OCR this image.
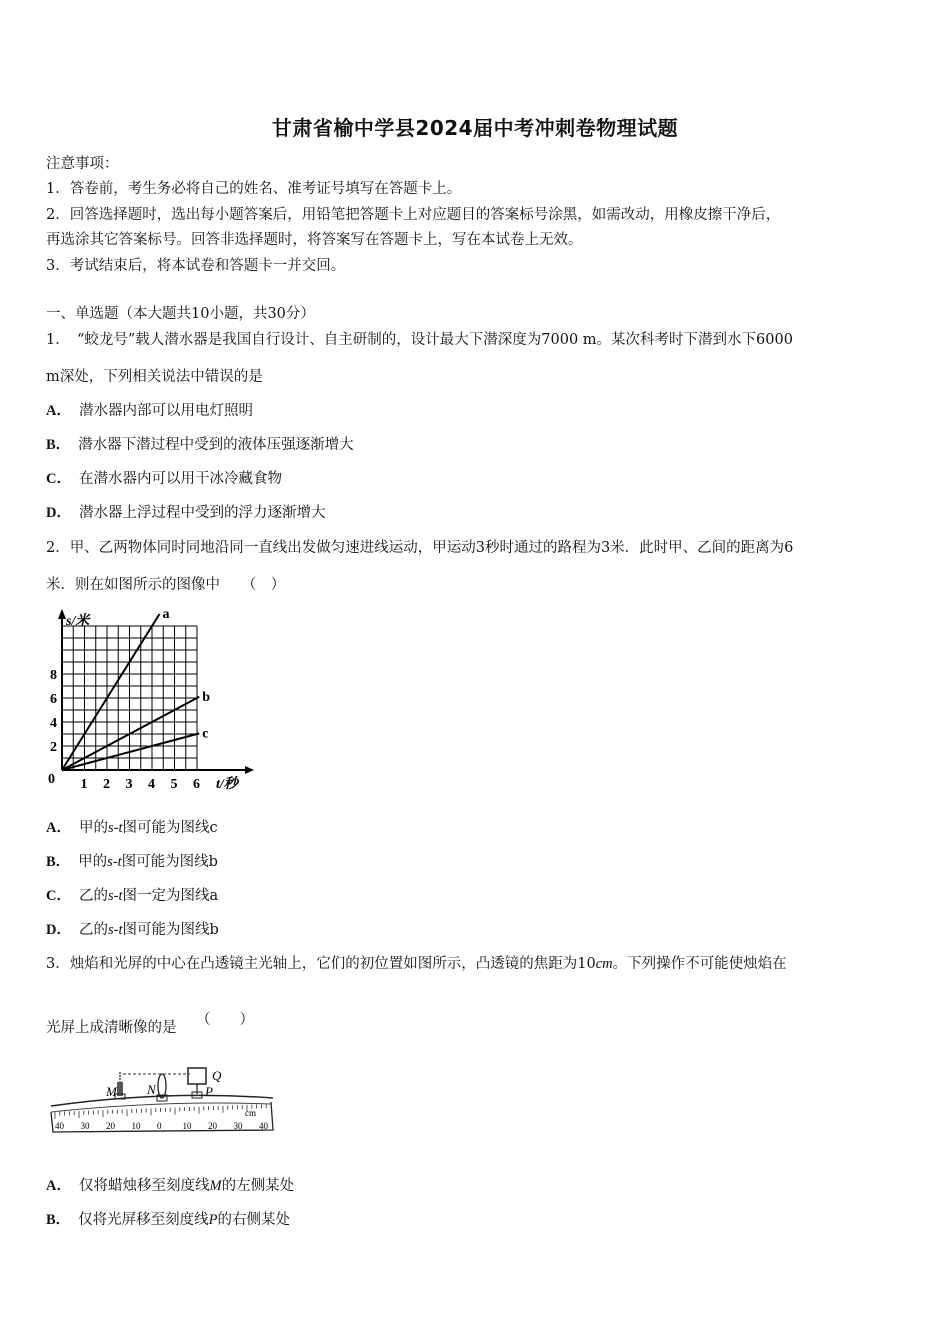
甘肃省榆中学县2024届中考冲刺卷物理试题
注意事项：
1．答卷前，考生务必将自己的姓名、准考证号填写在答题卡上。
2．回答选择题时，选出每小题答案后，用铅笔把答题卡上对应题目的答案标号涂黑，如需改动，用橡皮擦干净后，
再选涂其它答案标号。回答非选择题时，将答案写在答题卡上，写在本试卷上无效。
3．考试结束后，将本试卷和答题卡一并交回。
一、单选题（本大题共10小题，共30分）
1．　“蛟龙号”载人潜水器是我国自行设计、自主研制的，设计最大下潜深度为7000 m。某次科考时下潜到水下6000
m深处，下列相关说法中错误的是
A． 潜水器内部可以用电灯照明
B． 潜水器下潜过程中受到的液体压强逐渐增大
C． 在潜水器内可以用干冰冷藏食物
D． 潜水器上浮过程中受到的浮力逐渐增大
2．甲、乙两物体同时同地沿同一直线出发做匀速进线运动，甲运动3秒时通过的路程为3米．此时甲、乙间的距离为6
米．则在如图所示的图像中　　（　）
2
4
6
8
1 2 3 4 5 6
a
b
c
s/米
t/秒
0
A． 甲的s-t图可能为图线c
B． 甲的s-t图可能为图线b
C． 乙的s-t图一定为图线a
D． 乙的s-t图可能为图线b
3．烛焰和光屏的中心在凸透镜主光轴上，它们的初位置如图所示，凸透镜的焦距为10cm。下列操作不可能使烛焰在
光屏上成清晰像的是 （　　）
M N	P
Q
cm
40 30 20 10 0 10 20 30 40
A． 仅将蜡烛移至刻度线M的左侧某处
B． 仅将光屏移至刻度线P的右侧某处
